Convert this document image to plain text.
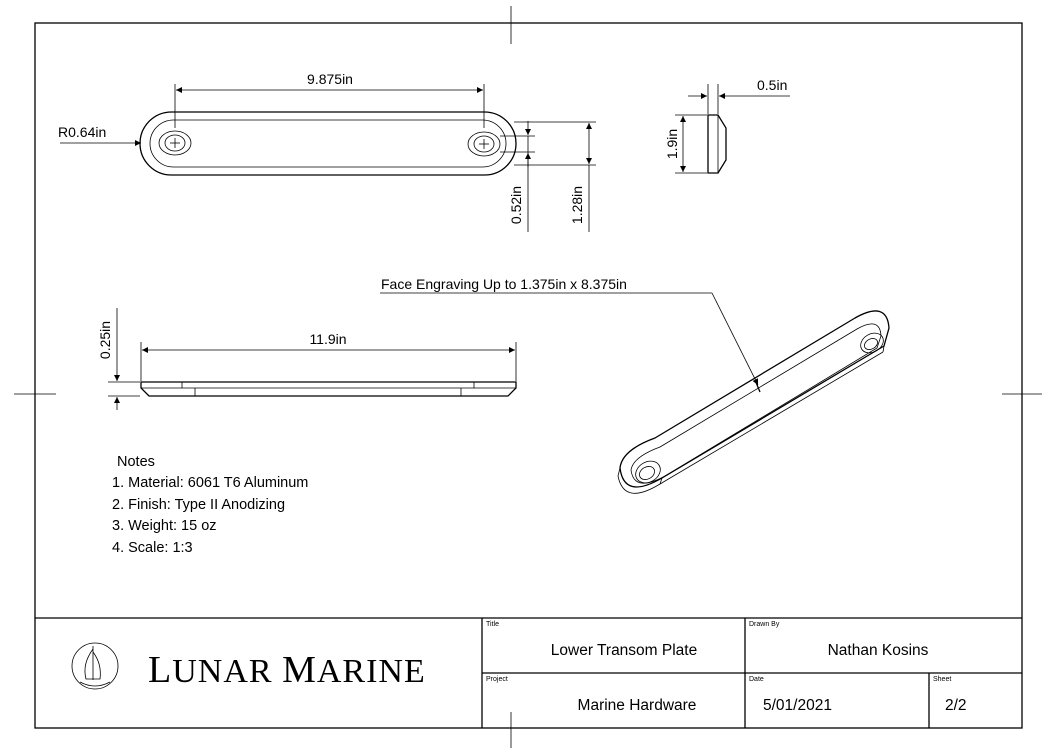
9.875in
R0.64in
0.52in	1.28in
0.5in
1.9in
11.9in
0.25in
Face Engraving Up to 1.375in x 8.375in
Notes
1. Material: 6061 T6 Aluminum
2. Finish: Type II Anodizing
3. Weight: 15 oz
4. Scale: 1:3
LUNAR MARINE
Title
Lower Transom Plate
Drawn By
Nathan Kosins
Project
Marine Hardware
Date
5/01/2021
Sheet
2/2
